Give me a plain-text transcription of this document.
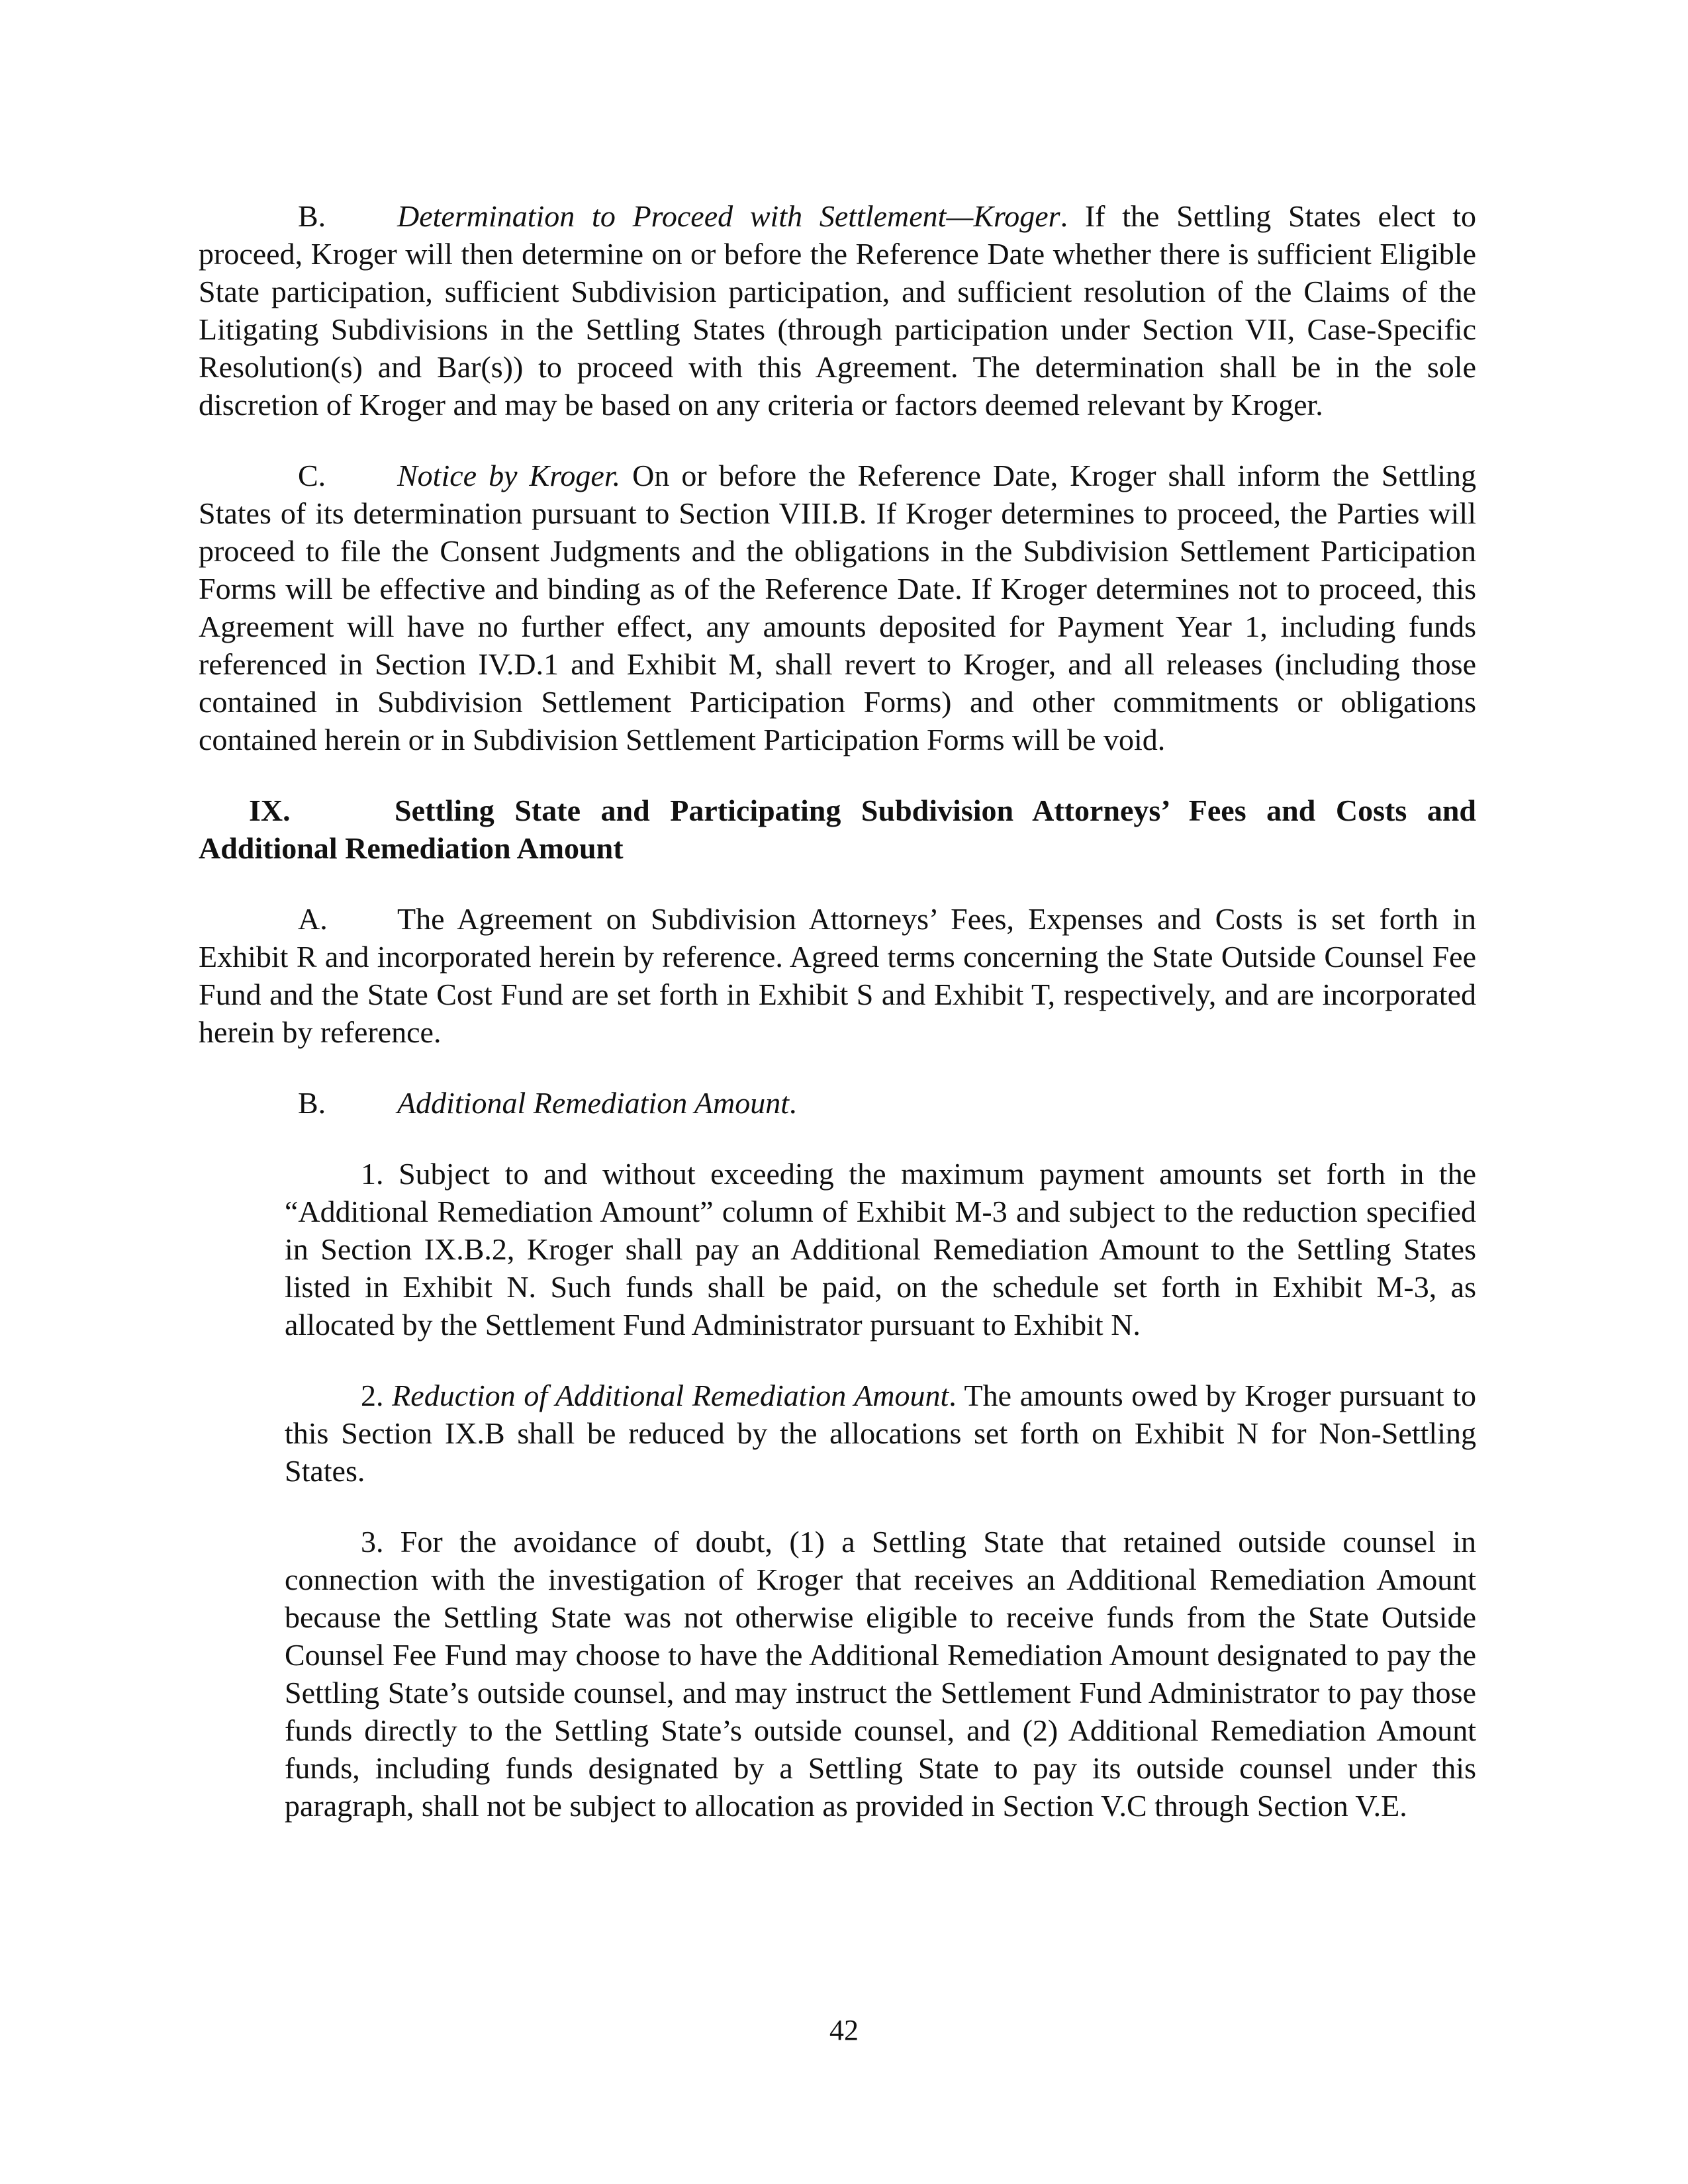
B. Determination to Proceed with Settlement—Kroger. If the Settling States elect to proceed, Kroger will then determine on or before the Reference Date whether there is sufficient Eligible State participation, sufficient Subdivision participation, and sufficient resolution of the Claims of the Litigating Subdivisions in the Settling States (through participation under Section VII, Case-Specific Resolution(s) and Bar(s)) to proceed with this Agreement. The determination shall be in the sole discretion of Kroger and may be based on any criteria or factors deemed relevant by Kroger.

C. Notice by Kroger. On or before the Reference Date, Kroger shall inform the Settling States of its determination pursuant to Section VIII.B. If Kroger determines to proceed, the Parties will proceed to file the Consent Judgments and the obligations in the Subdivision Settlement Participation Forms will be effective and binding as of the Reference Date. If Kroger determines not to proceed, this Agreement will have no further effect, any amounts deposited for Payment Year 1, including funds referenced in Section IV.D.1 and Exhibit M, shall revert to Kroger, and all releases (including those contained in Subdivision Settlement Participation Forms) and other commitments or obligations contained herein or in Subdivision Settlement Participation Forms will be void.

IX.	Settling State and Participating Subdivision Attorneys’ Fees and Costs and Additional Remediation Amount

A. The Agreement on Subdivision Attorneys’ Fees, Expenses and Costs is set forth in Exhibit R and incorporated herein by reference. Agreed terms concerning the State Outside Counsel Fee Fund and the State Cost Fund are set forth in Exhibit S and Exhibit T, respectively, and are incorporated herein by reference.

B. Additional Remediation Amount.

1. Subject to and without exceeding the maximum payment amounts set forth in the “Additional Remediation Amount” column of Exhibit M-3 and subject to the reduction specified in Section IX.B.2, Kroger shall pay an Additional Remediation Amount to the Settling States listed in Exhibit N. Such funds shall be paid, on the schedule set forth in Exhibit M-3, as allocated by the Settlement Fund Administrator pursuant to Exhibit N.

2. Reduction of Additional Remediation Amount. The amounts owed by Kroger pursuant to this Section IX.B shall be reduced by the allocations set forth on Exhibit N for Non-Settling States.

3. For the avoidance of doubt, (1) a Settling State that retained outside counsel in connection with the investigation of Kroger that receives an Additional Remediation Amount because the Settling State was not otherwise eligible to receive funds from the State Outside Counsel Fee Fund may choose to have the Additional Remediation Amount designated to pay the Settling State’s outside counsel, and may instruct the Settlement Fund Administrator to pay those funds directly to the Settling State’s outside counsel, and (2) Additional Remediation Amount funds, including funds designated by a Settling State to pay its outside counsel under this paragraph, shall not be subject to allocation as provided in Section V.C through Section V.E.

42
